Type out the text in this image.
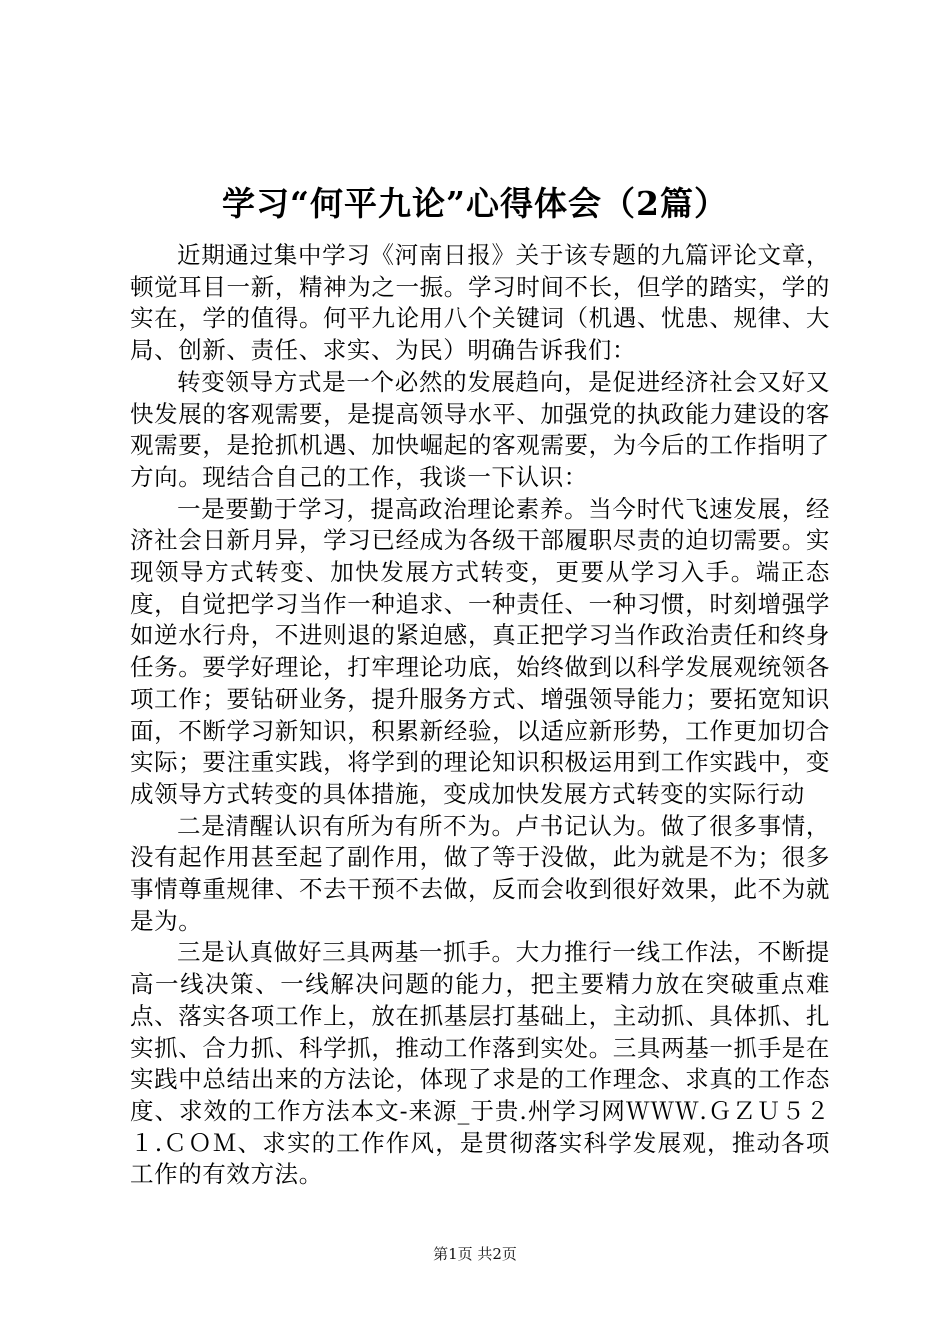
学习“何平九论”心得体会（2篇）

近期通过集中学习《河南日报》关于该专题的九篇评论文章，顿觉耳目一新，精神为之一振。学习时间不长，但学的踏实，学的实在，学的值得。何平九论用八个关键词（机遇、忧患、规律、大局、创新、责任、求实、为民）明确告诉我们：

转变领导方式是一个必然的发展趋向，是促进经济社会又好又快发展的客观需要，是提高领导水平、加强党的执政能力建设的客观需要，是抢抓机遇、加快崛起的客观需要，为今后的工作指明了方向。现结合自己的工作，我谈一下认识：

一是要勤于学习，提高政治理论素养。当今时代飞速发展，经济社会日新月异，学习已经成为各级干部履职尽责的迫切需要。实现领导方式转变、加快发展方式转变，更要从学习入手。端正态度，自觉把学习当作一种追求、一种责任、一种习惯，时刻增强学如逆水行舟，不进则退的紧迫感，真正把学习当作政治责任和终身任务。要学好理论，打牢理论功底，始终做到以科学发展观统领各项工作；要钻研业务，提升服务方式、增强领导能力；要拓宽知识面，不断学习新知识，积累新经验，以适应新形势，工作更加切合实际；要注重实践，将学到的理论知识积极运用到工作实践中，变成领导方式转变的具体措施，变成加快发展方式转变的实际行动

二是清醒认识有所为有所不为。卢书记认为。做了很多事情，没有起作用甚至起了副作用，做了等于没做，此为就是不为；很多事情尊重规律、不去干预不去做，反而会收到很好效果，此不为就是为。

三是认真做好三具两基一抓手。大力推行一线工作法，不断提高一线决策、一线解决问题的能力，把主要精力放在突破重点难点、落实各项工作上，放在抓基层打基础上，主动抓、具体抓、扎实抓、合力抓、科学抓，推动工作落到实处。三具两基一抓手是在实践中总结出来的方法论，体现了求是的工作理念、求真的工作态度、求效的工作方法本文-来源_于贵.州学习网ＷＷＷ.ＧＺＵ５２１.ＣＯＭ、求实的工作作风，是贯彻落实科学发展观，推动各项工作的有效方法。

第1页 共2页
